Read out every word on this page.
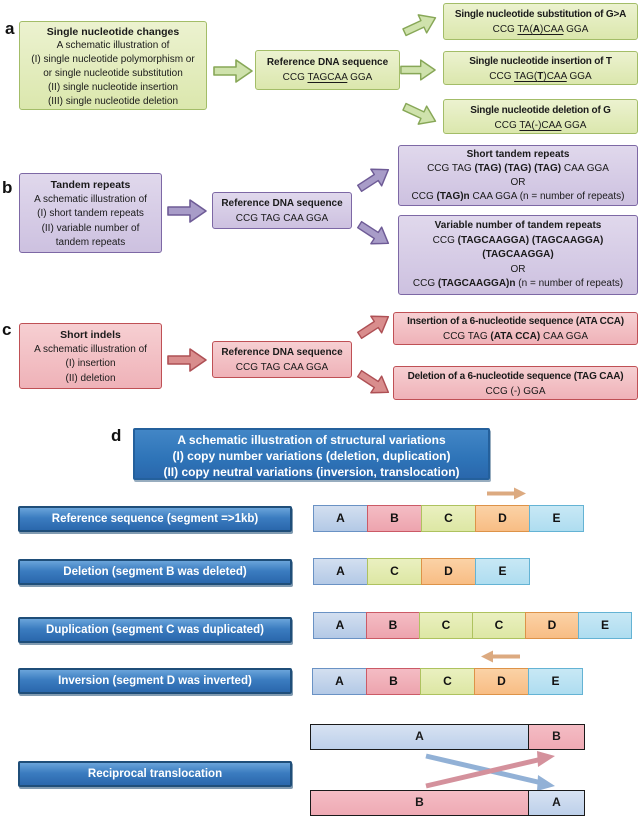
a	Single nucleotide changes
A schematic illustration of
(I) single nucleotide polymorphism or
or single nucleotide substitution
(II) single nucleotide insertion
(III) single nucleotide deletion
Reference DNA sequence
CCG TAGCAA GGA
Single nucleotide substitution of G>A
CCG TA(A)CAA GGA
Single nucleotide insertion of T
CCG TAG(T)CAA GGA
Single nucleotide deletion of G
CCG TA(-)CAA GGA
b	Tandem repeats
A schematic illustration of
(I) short tandem repeats
(II) variable number of
tandem repeats
Reference DNA sequence
CCG TAG CAA GGA
Short tandem repeats
CCG TAG (TAG) (TAG) (TAG) CAA GGA
OR
CCG (TAG)n CAA GGA (n = number of repeats)
Variable number of tandem repeats
CCG (TAGCAAGGA) (TAGCAAGGA)
(TAGCAAGGA)
OR
CCG (TAGCAAGGA)n (n = number of repeats)
c	Short indels
A schematic illustration of
(I) insertion
(II) deletion
Reference DNA sequence
CCG TAG CAA GGA
Insertion of a 6-nucleotide sequence (ATA CCA)
CCG TAG (ATA CCA) CAA GGA
Deletion of a 6-nucleotide sequence (TAG CAA)
CCG (-) GGA
d	A schematic illustration of structural variations
(I) copy number variations (deletion, duplication)
(II) copy neutral variations (inversion, translocation)
Reference sequence (segment =>1kb)	A	B	C	D	E
Deletion (segment B was deleted)	A	C	D	E
Duplication (segment C was duplicated)	A	B	C	C	D	E
Inversion (segment D was inverted)	A	B	C	D	E
Reciprocal translocation
A	B
B	A
